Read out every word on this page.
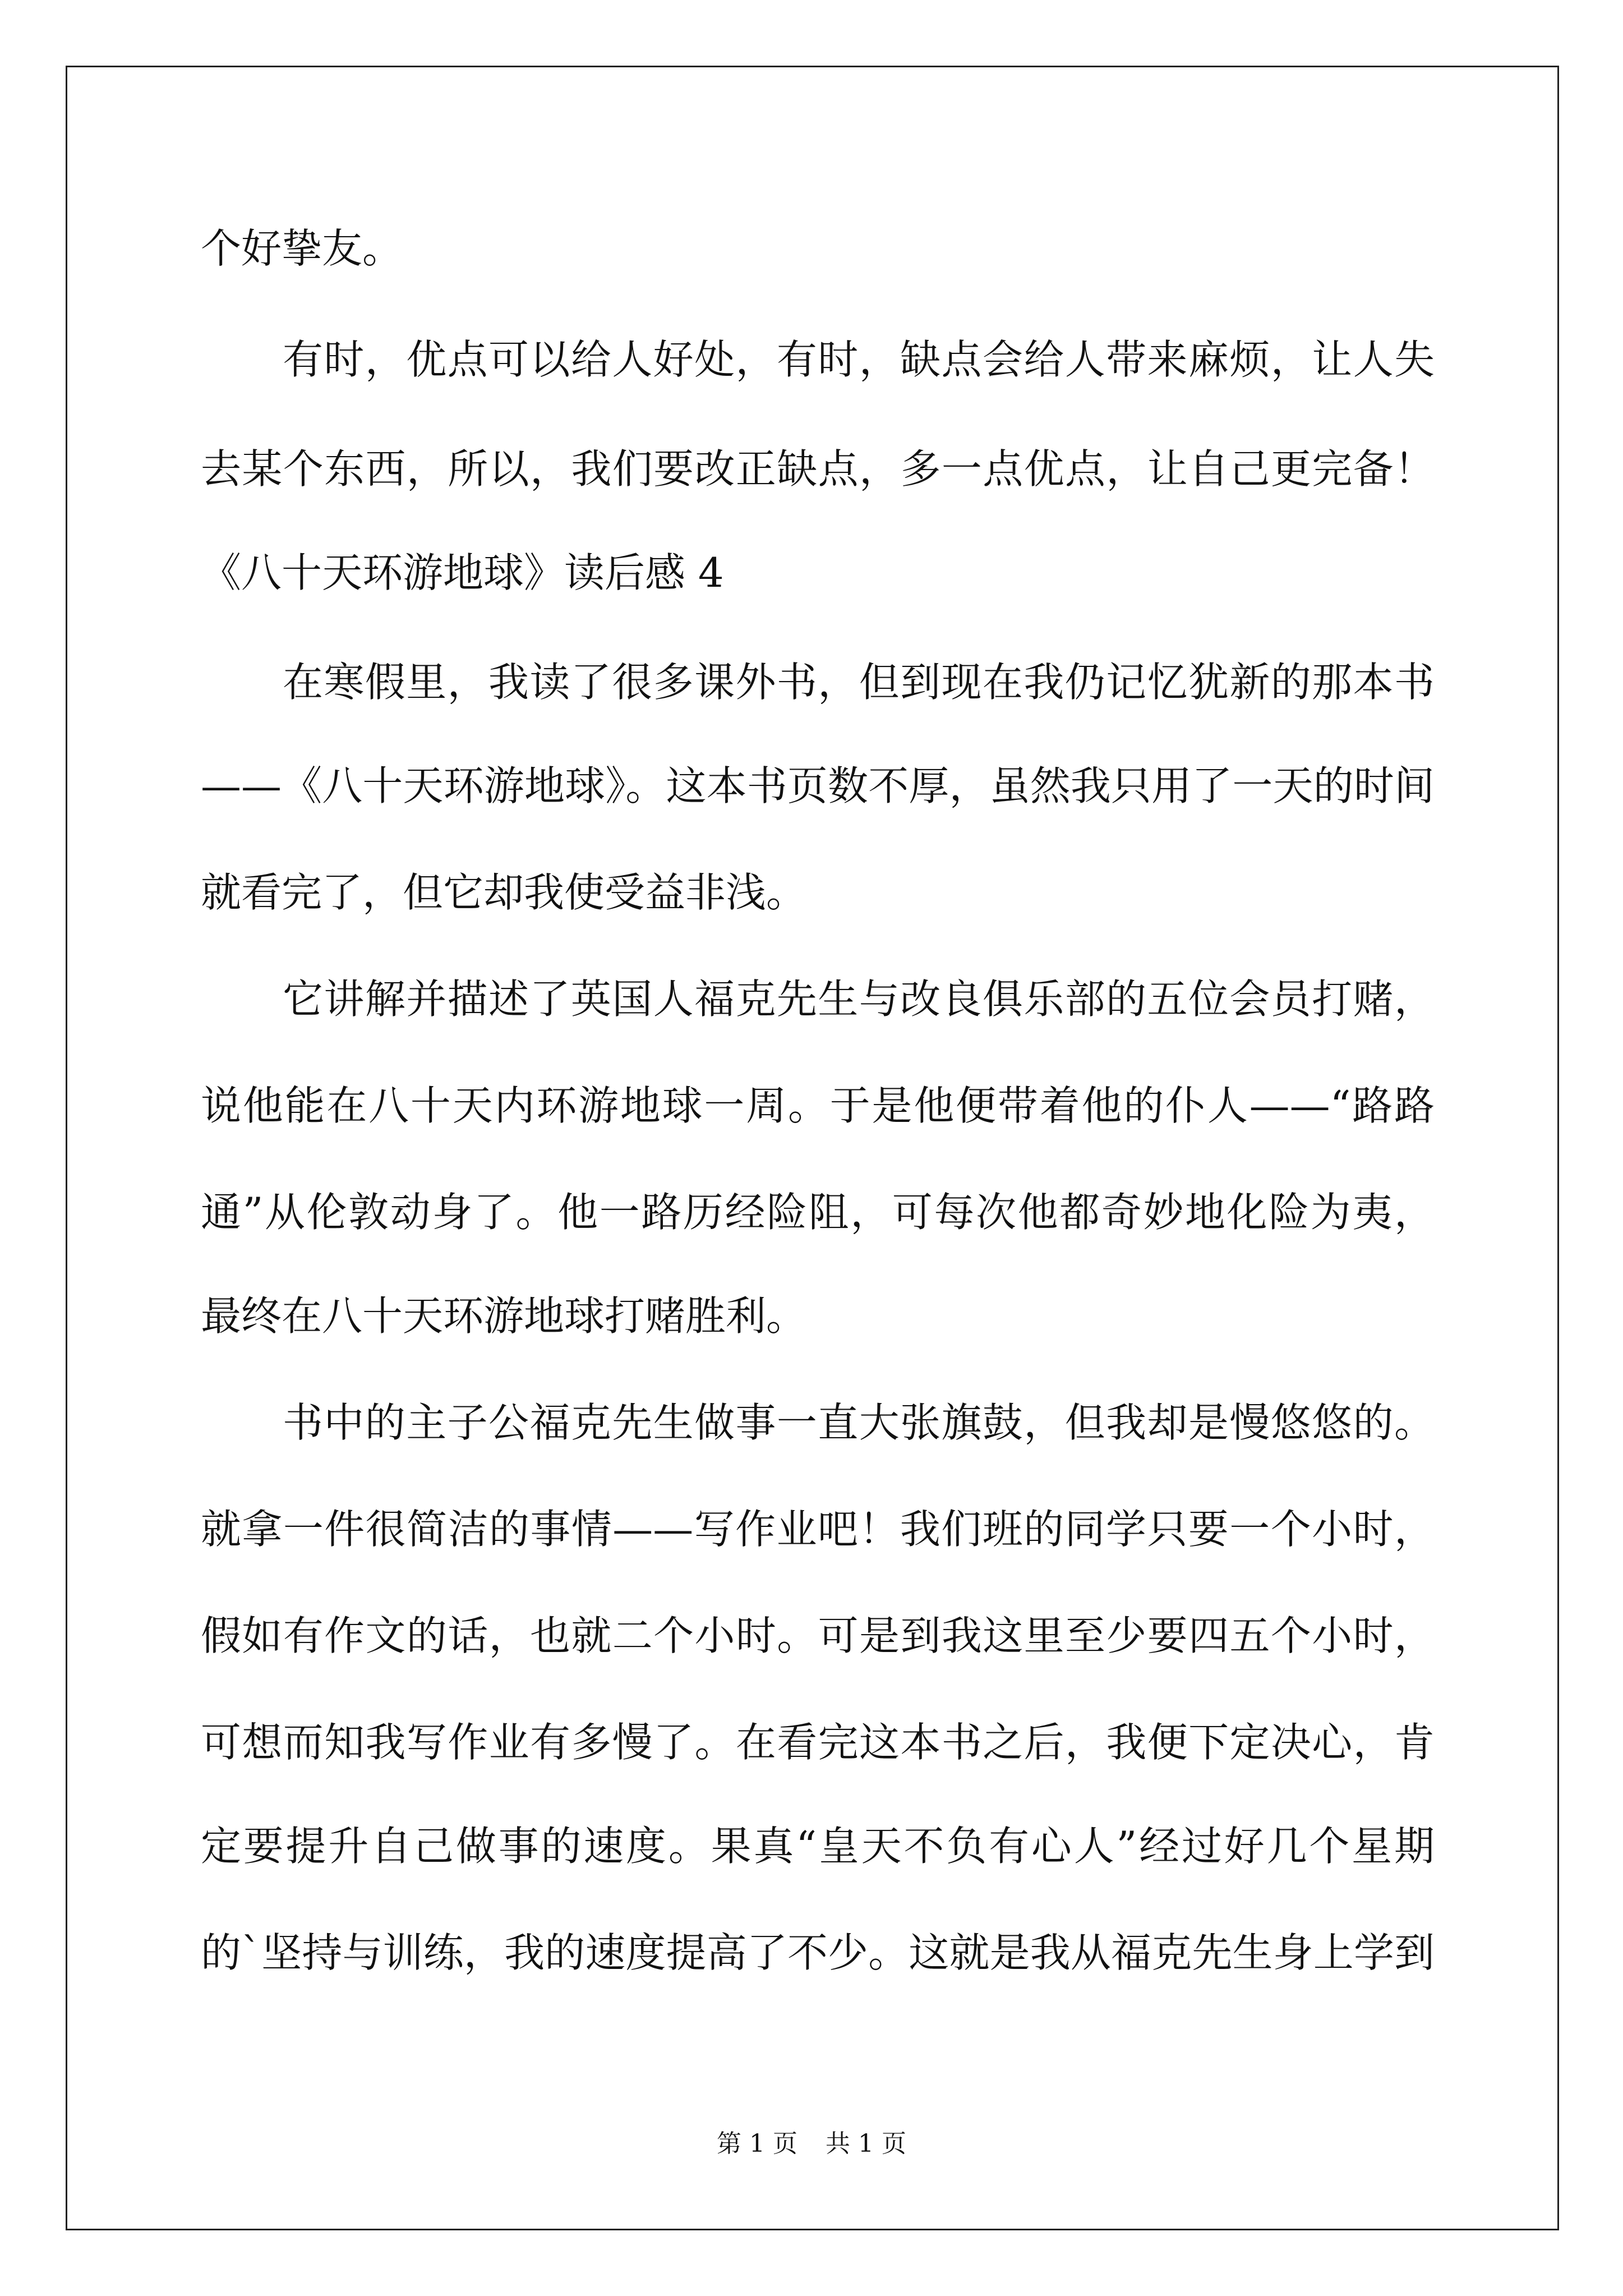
个好挚友。
有时，优点可以给人好处，有时，缺点会给人带来麻烦，让人失
去某个东西，所以，我们要改正缺点，多一点优点，让自己更完备！
《八十天环游地球》读后感 4
在寒假里，我读了很多课外书，但到现在我仍记忆犹新的那本书
——《八十天环游地球》。这本书页数不厚，虽然我只用了一天的时间
就看完了，但它却我使受益非浅。
它讲解并描述了英国人福克先生与改良俱乐部的五位会员打赌，
说他能在八十天内环游地球一周。于是他便带着他的仆人——“路路
通”从伦敦动身了。他一路历经险阻，可每次他都奇妙地化险为夷，
最终在八十天环游地球打赌胜利。
书中的主子公福克先生做事一直大张旗鼓，但我却是慢悠悠的。
就拿一件很简洁的事情——写作业吧！我们班的同学只要一个小时，
假如有作文的话，也就二个小时。可是到我这里至少要四五个小时，
可想而知我写作业有多慢了。在看完这本书之后，我便下定决心，肯
定要提升自己做事的速度。果真“皇天不负有心人”经过好几个星期
的`坚持与训练，我的速度提高了不少。这就是我从福克先生身上学到
第 1 页 共 1 页
